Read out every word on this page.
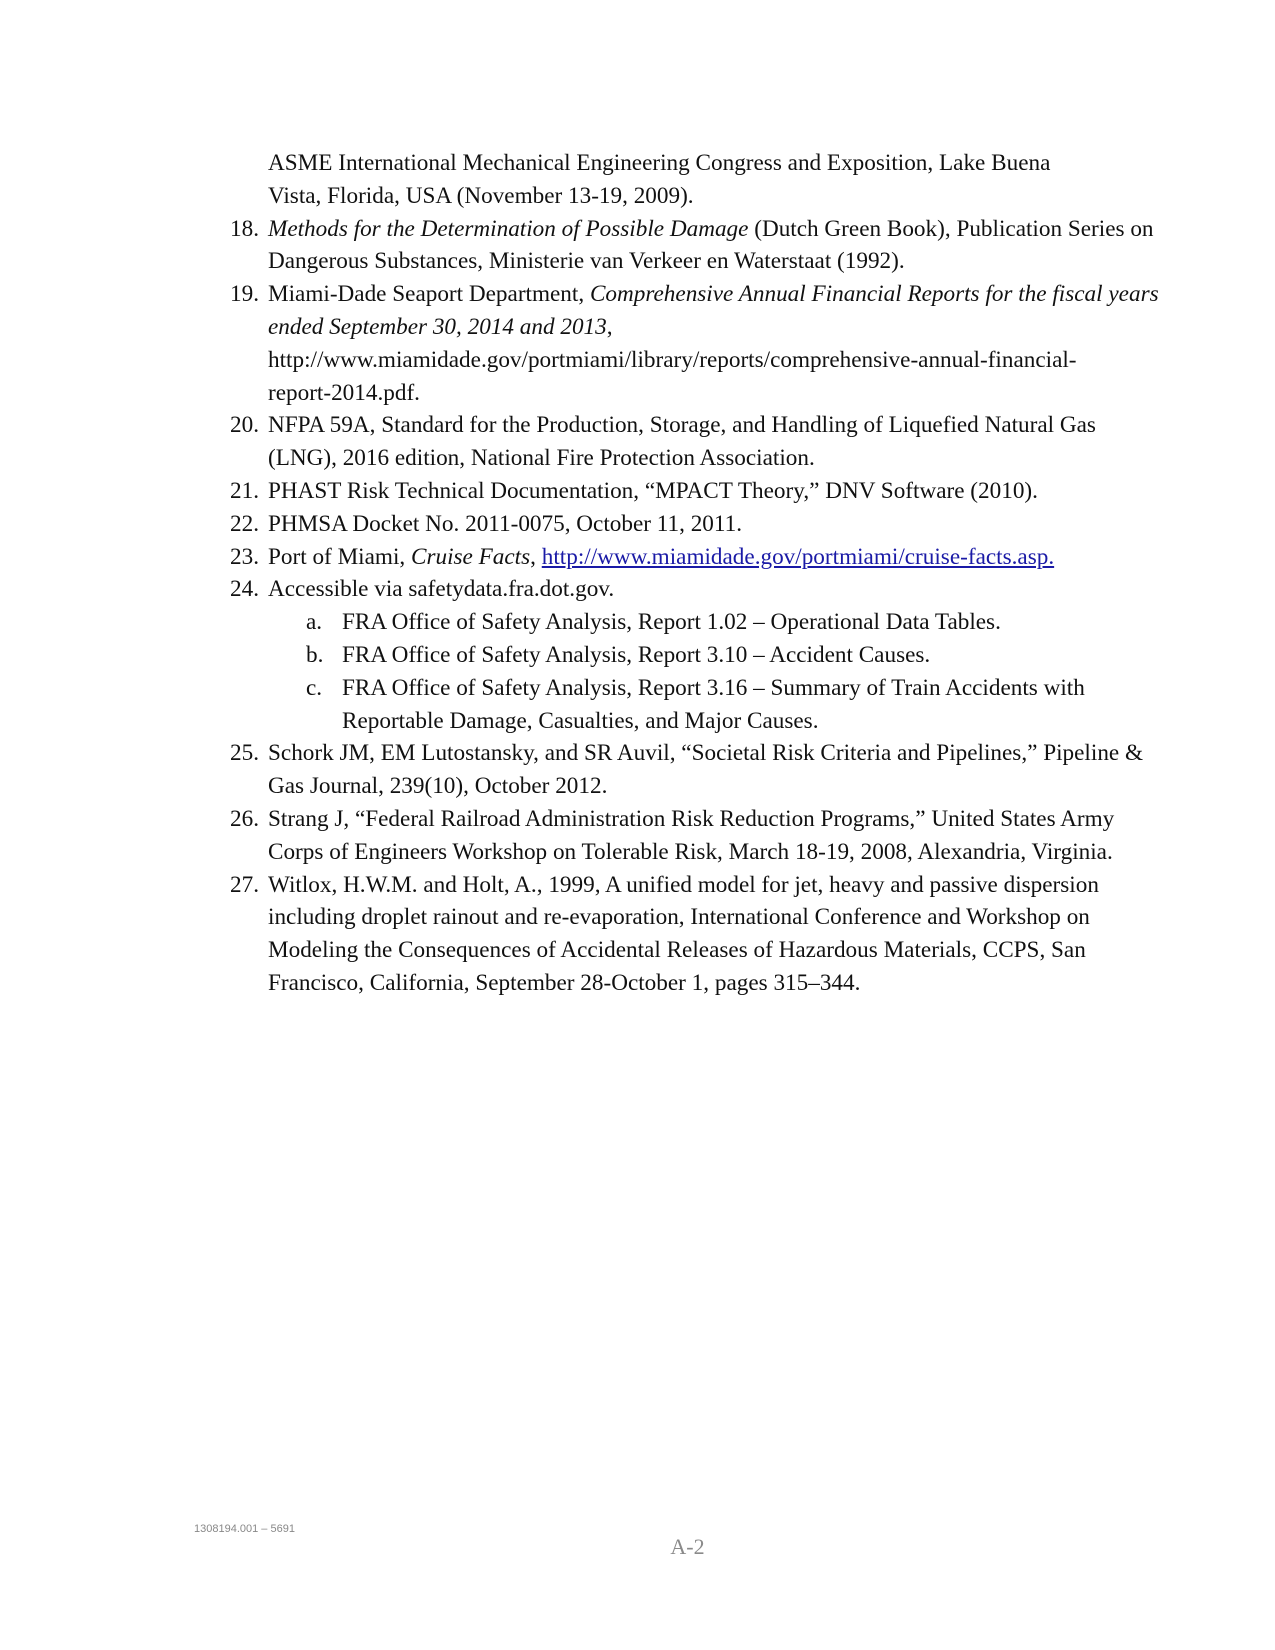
ASME International Mechanical Engineering Congress and Exposition, Lake Buena
Vista, Florida, USA (November 13-19, 2009).
18. Methods for the Determination of Possible Damage (Dutch Green Book), Publication Series on Dangerous Substances, Ministerie van Verkeer en Waterstaat (1992).
19. Miami-Dade Seaport Department, Comprehensive Annual Financial Reports for the fiscal years ended September 30, 2014 and 2013,
http://www.miamidade.gov/portmiami/library/reports/comprehensive-annual-financial-
report-2014.pdf.
20. NFPA 59A, Standard for the Production, Storage, and Handling of Liquefied Natural Gas (LNG), 2016 edition, National Fire Protection Association.
21. PHAST Risk Technical Documentation, “MPACT Theory,” DNV Software (2010).
22. PHMSA Docket No. 2011-0075, October 11, 2011.
23. Port of Miami, Cruise Facts, http://www.miamidade.gov/portmiami/cruise-facts.asp.
24. Accessible via safetydata.fra.dot.gov.
a. FRA Office of Safety Analysis, Report 1.02 – Operational Data Tables.
b. FRA Office of Safety Analysis, Report 3.10 – Accident Causes.
c. FRA Office of Safety Analysis, Report 3.16 – Summary of Train Accidents with Reportable Damage, Casualties, and Major Causes.
25. Schork JM, EM Lutostansky, and SR Auvil, “Societal Risk Criteria and Pipelines,” Pipeline & Gas Journal, 239(10), October 2012.
26. Strang J, “Federal Railroad Administration Risk Reduction Programs,” United States Army Corps of Engineers Workshop on Tolerable Risk, March 18-19, 2008, Alexandria, Virginia.
27. Witlox, H.W.M. and Holt, A., 1999, A unified model for jet, heavy and passive dispersion including droplet rainout and re-evaporation, International Conference and Workshop on Modeling the Consequences of Accidental Releases of Hazardous Materials, CCPS, San Francisco, California, September 28-October 1, pages 315–344.
1308194.001 – 5691
A-2
